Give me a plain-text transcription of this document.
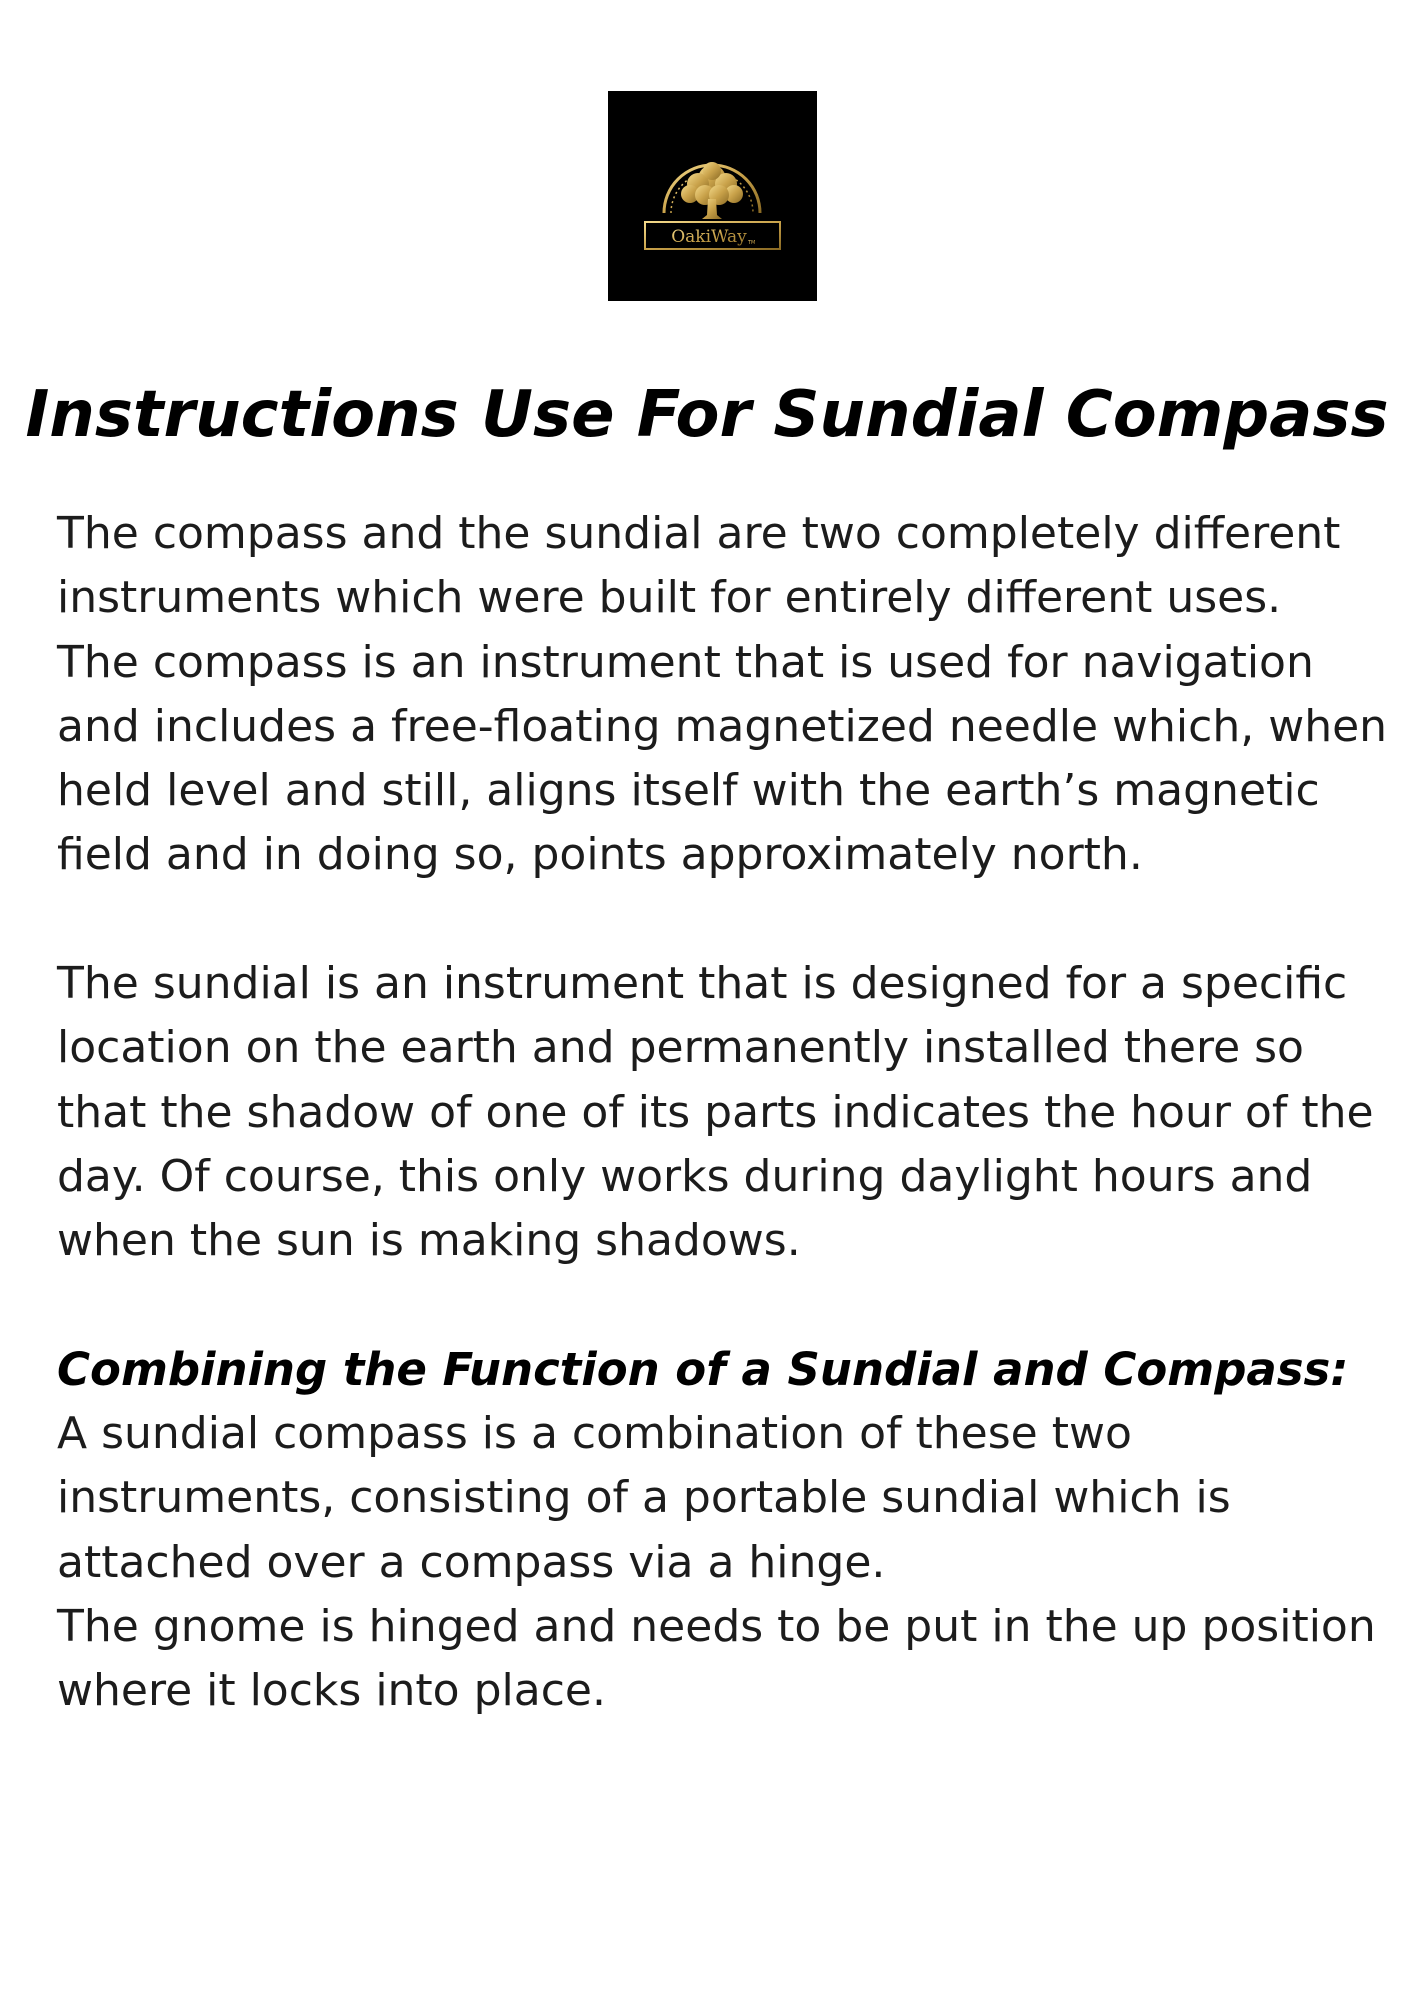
OakiWay TM
Instructions Use For Sundial Compass

The compass and the sundial are two completely different instruments which were built for entirely different uses.

The compass is an instrument that is used for navigation and includes a free-floating magnetized needle which, when held level and still, aligns itself with the earth’s magnetic field and in doing so, points approximately north.

The sundial is an instrument that is designed for a specific location on the earth and permanently installed there so that the shadow of one of its parts indicates the hour of the day. Of course, this only works during daylight hours and when the sun is making shadows.

Combining the Function of a Sundial and Compass:

A sundial compass is a combination of these two instruments, consisting of a portable sundial which is attached over a compass via a hinge.

The gnome is hinged and needs to be put in the up position where it locks into place.
